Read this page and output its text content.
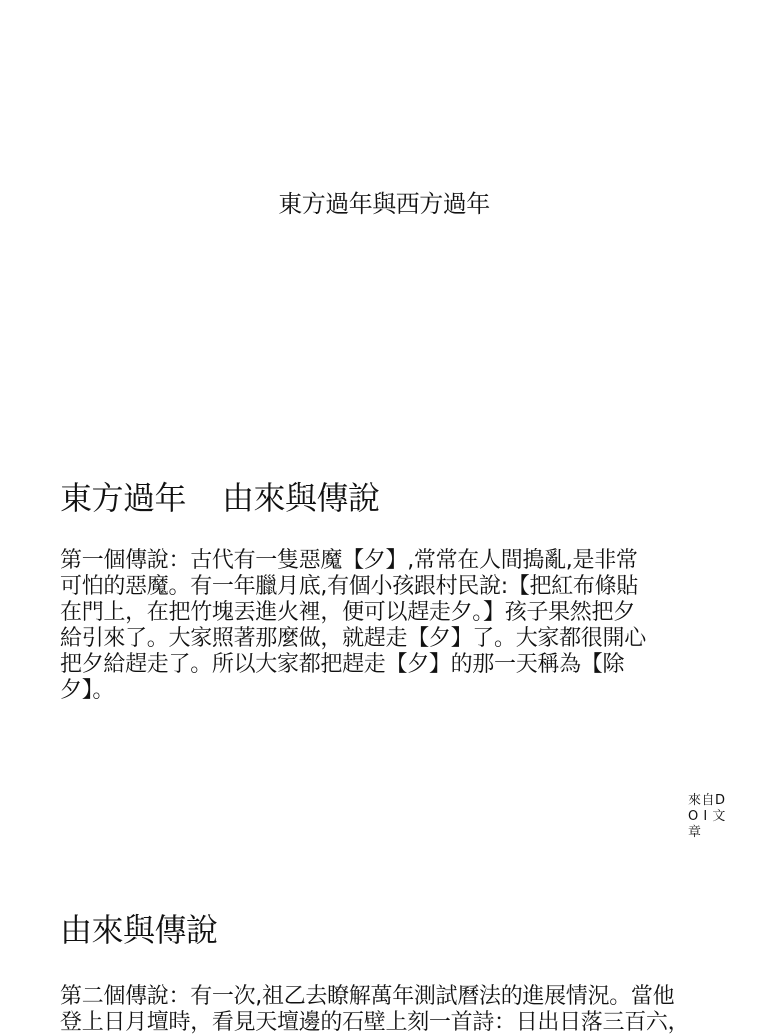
東方過年與西方過年
東方過年 由來與傳說
第一個傳說：古代有一隻惡魔【夕】,常常在人間搗亂,是非常
可怕的惡魔。有一年臘月底,有個小孩跟村民說:【把紅布條貼
在門上，在把竹塊丟進火裡，便可以趕走夕。】孩子果然把夕
給引來了。大家照著那麼做，就趕走【夕】了。大家都很開心
把夕給趕走了。所以大家都把趕走【夕】的那一天稱為【除
夕】。
來自D
O I 文
章
由來與傳說
第二個傳說：有一次,祖乙去瞭解萬年測試曆法的進展情況。當他
登上日月壇時，看見天壇邊的石壁上刻一首詩：日出日落三百六，
